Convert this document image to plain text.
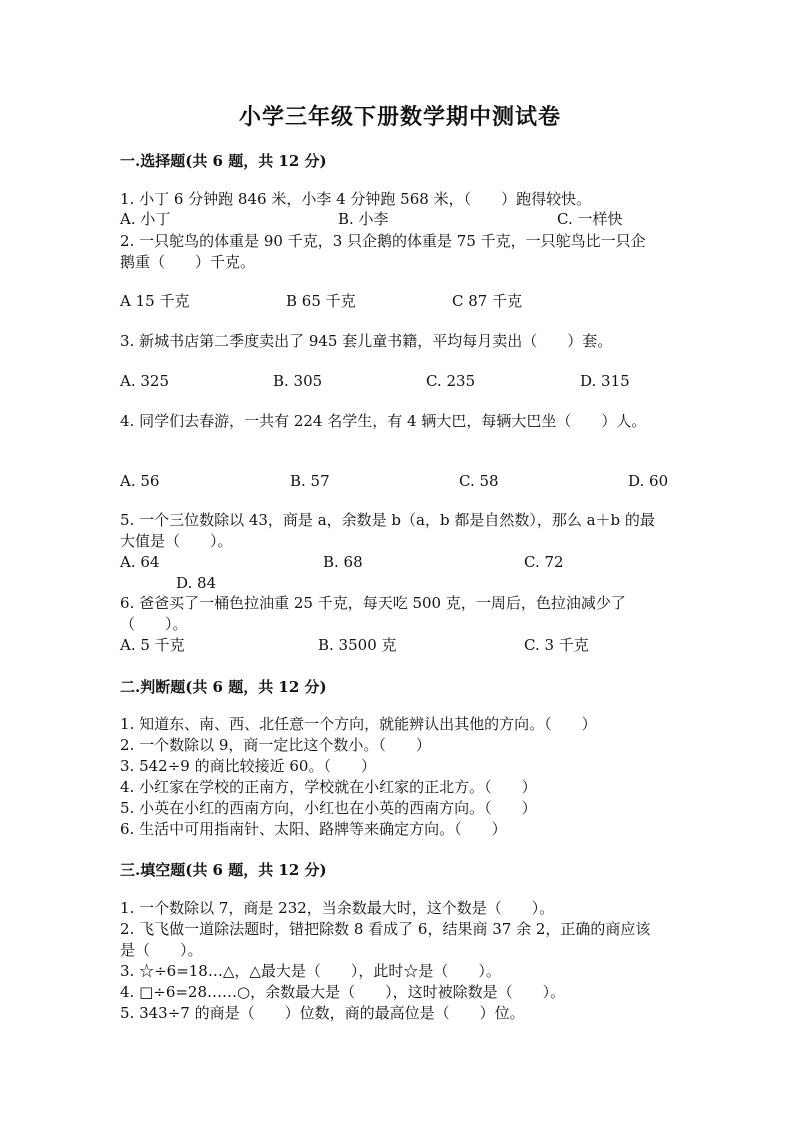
小学三年级下册数学期中测试卷
一.选择题(共 6 题，共 12 分)
1. 小丁 6 分钟跑 846 米，小李 4 分钟跑 568 米，（　　）跑得较快。
A. 小丁	B. 小李	C. 一样快
2. 一只鸵鸟的体重是 90 千克，3 只企鹅的体重是 75 千克，一只鸵鸟比一只企
鹅重（　　）千克。
A 15 千克	B 65 千克	C 87 千克
3. 新城书店第二季度卖出了 945 套儿童书籍，平均每月卖出（　　）套。
A. 325	B. 305	C. 235	D. 315
4. 同学们去春游，一共有 224 名学生，有 4 辆大巴，每辆大巴坐（　　）人。
A. 56	B. 57	C. 58	D. 60
5. 一个三位数除以 43，商是 a，余数是 b（a，b 都是自然数），那么 a＋b 的最
大值是（　　）。
A. 64	B. 68	C. 72
D. 84
6. 爸爸买了一桶色拉油重 25 千克，每天吃 500 克，一周后，色拉油减少了
（　　）。
A. 5 千克	B. 3500 克	C. 3 千克
二.判断题(共 6 题，共 12 分)
1. 知道东、南、西、北任意一个方向，就能辨认出其他的方向。（　　）
2. 一个数除以 9，商一定比这个数小。（　　）
3. 542÷9 的商比较接近 60。（　　）
4. 小红家在学校的正南方，学校就在小红家的正北方。（　　）
5. 小英在小红的西南方向，小红也在小英的西南方向。（　　）
6. 生活中可用指南针、太阳、路牌等来确定方向。（　　）
三.填空题(共 6 题，共 12 分)
1. 一个数除以 7，商是 232，当余数最大时，这个数是（　　）。
2. 飞飞做一道除法题时，错把除数 8 看成了 6，结果商 37 余 2，正确的商应该
是（　　）。
3. ☆÷6=18…△，△最大是（　　），此时☆是（　　）。
4. □÷6=28……○，余数最大是（　　），这时被除数是（　　）。
5. 343÷7 的商是（　　）位数，商的最高位是（　　）位。
